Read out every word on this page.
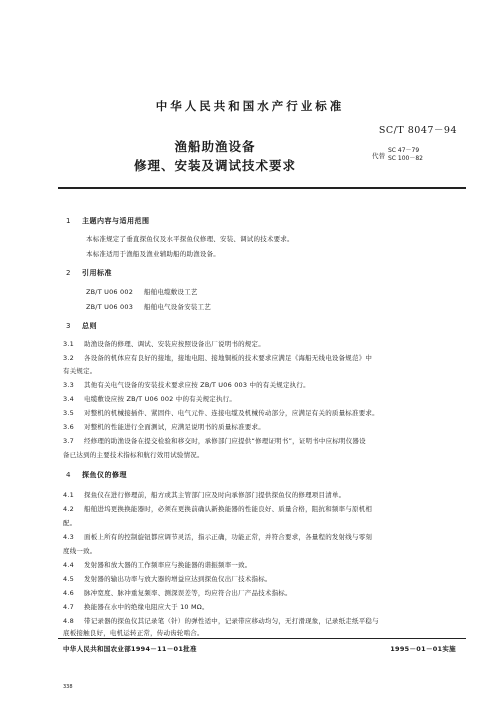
中华人民共和国水产行业标准
SC/T 8047－94
渔船助渔设备
修理、安装及调试技术要求
代替
SC 47－79
SC 100－82
1 主题内容与适用范围
本标准规定了垂直探鱼仪及水平探鱼仪修理、安装、调试的技术要求。
本标准适用于渔船及渔业辅助船的助渔设备。
2 引用标准
ZB/T U06 002 船舶电缆敷设工艺
ZB/T U06 003 船舶电气设备安装工艺
3 总则
3.1 助渔设备的修理、调试、安装应按照设备出厂说明书的规定。
3.2 各设备的机体应有良好的接地，接地电阻、接地铜板的技术要求应满足《海船无线电设备规范》中
有关规定。
3.3 其他有关电气设备的安装技术要求应按 ZB/T U06 003 中的有关规定执行。
3.4 电缆敷设应按 ZB/T U06 002 中的有关规定执行。
3.5 对整机的机械接插件、紧固件、电气元件、连接电缆及机械传动部分，应满足有关的质量标准要求。
3.6 对整机的性能进行全面测试，应满足说明书的质量标准要求。
3.7 经修理的助渔设备在提交检验和移交时，承修部门应提供“修理证明书”，证明书中应标明仪器设
备已达到的主要技术指标和航行效用试验情况。
4 探鱼仪的修理
4.1 探鱼仪在进行修理前，船方或其主管部门应及时向承修部门提供探鱼仪的修理项目清单。
4.2 船舶进坞更换换能器时，必须在更换前确认新换能器的性能良好、质量合格，阻抗和频率与原机相
配。
4.3 面板上所有的控制旋钮都应调节灵活，指示正确，功能正常，并符合要求，各量程的发射线与零刻
度线一致。
4.4 发射器和放大器的工作频率应与换能器的谐振频率一致。
4.5 发射器的输出功率与放大器的增益应达到探鱼仪出厂技术指标。
4.6 脉冲宽度、脉冲重复频率、测深误差等，均应符合出厂产品技术指标。
4.7 换能器在水中的绝缘电阻应大于 10 MΩ。
4.8 带记录器的探鱼仪其记录笔（针）的弹性适中，记录带应移动均匀，无打滑现象，记录纸走纸平稳与
底板接触良好，电机运转正常，传动齿轮啮合。
中华人民共和国农业部1994－11－01批准	1995－01－01实施
338
